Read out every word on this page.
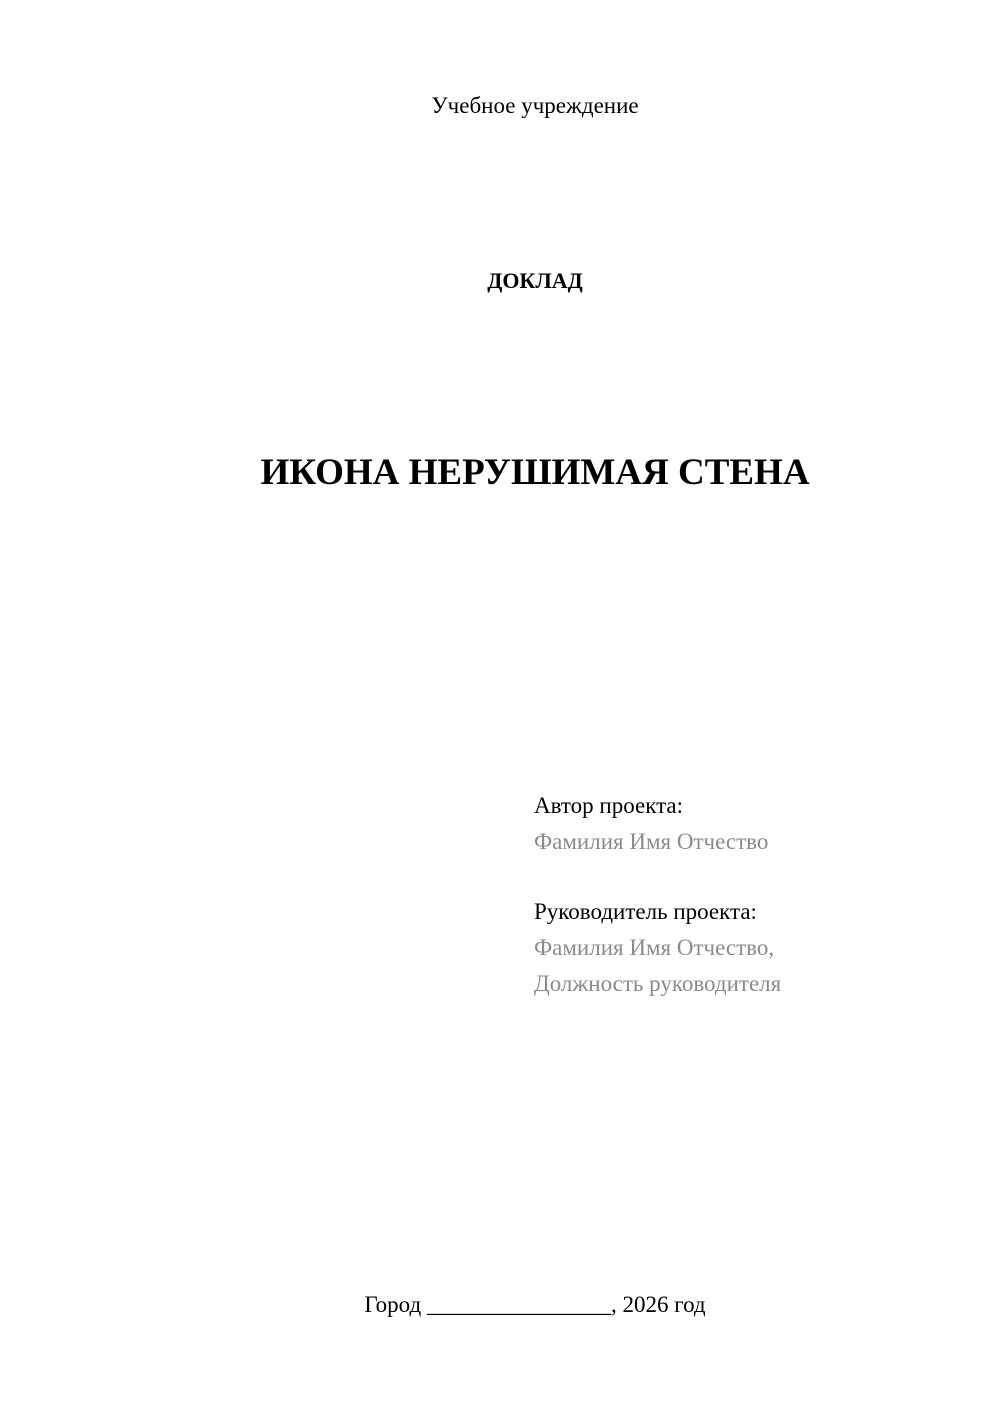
Учебное учреждение
ДОКЛАД
ИКОНА НЕРУШИМАЯ СТЕНА
Автор проекта:
Фамилия Имя Отчество
Руководитель проекта:
Фамилия Имя Отчество,
Должность руководителя
Город ________________, 2026 год
